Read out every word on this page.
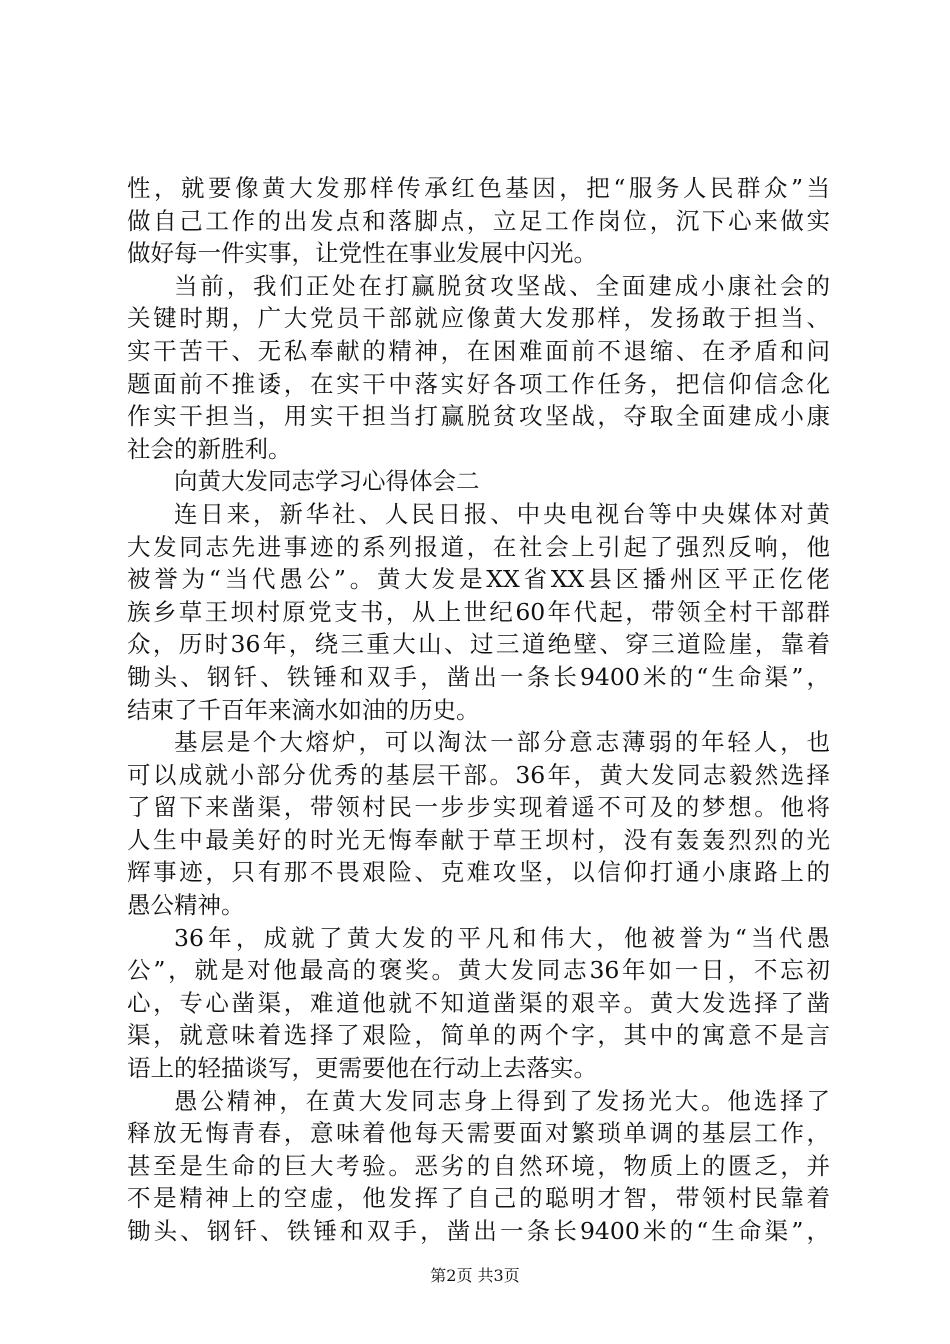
性，就要像黄大发那样传承红色基因，把“服务人民群众”当
做自己工作的出发点和落脚点，立足工作岗位，沉下心来做实
做好每一件实事，让党性在事业发展中闪光。
当前，我们正处在打赢脱贫攻坚战、全面建成小康社会的
关键时期，广大党员干部就应像黄大发那样，发扬敢于担当、
实干苦干、无私奉献的精神，在困难面前不退缩、在矛盾和问
题面前不推诿，在实干中落实好各项工作任务，把信仰信念化
作实干担当，用实干担当打赢脱贫攻坚战，夺取全面建成小康
社会的新胜利。
向黄大发同志学习心得体会二
连日来，新华社、人民日报、中央电视台等中央媒体对黄
大发同志先进事迹的系列报道，在社会上引起了强烈反响，他
被誉为“当代愚公”。黄大发是XX省XX县区播州区平正仡佬
族乡草王坝村原党支书，从上世纪60年代起，带领全村干部群
众，历时36年，绕三重大山、过三道绝壁、穿三道险崖，靠着
锄头、钢钎、铁锤和双手，凿出一条长9400米的“生命渠”，
结束了千百年来滴水如油的历史。
基层是个大熔炉，可以淘汰一部分意志薄弱的年轻人，也
可以成就小部分优秀的基层干部。36年，黄大发同志毅然选择
了留下来凿渠，带领村民一步步实现着遥不可及的梦想。他将
人生中最美好的时光无悔奉献于草王坝村，没有轰轰烈烈的光
辉事迹，只有那不畏艰险、克难攻坚，以信仰打通小康路上的
愚公精神。
36年，成就了黄大发的平凡和伟大，他被誉为“当代愚
公”，就是对他最高的褒奖。黄大发同志36年如一日，不忘初
心，专心凿渠，难道他就不知道凿渠的艰辛。黄大发选择了凿
渠，就意味着选择了艰险，简单的两个字，其中的寓意不是言
语上的轻描谈写，更需要他在行动上去落实。
愚公精神，在黄大发同志身上得到了发扬光大。他选择了
释放无悔青春，意味着他每天需要面对繁琐单调的基层工作，
甚至是生命的巨大考验。恶劣的自然环境，物质上的匮乏，并
不是精神上的空虚，他发挥了自己的聪明才智，带领村民靠着
锄头、钢钎、铁锤和双手，凿出一条长9400米的“生命渠”，
第2页 共3页
